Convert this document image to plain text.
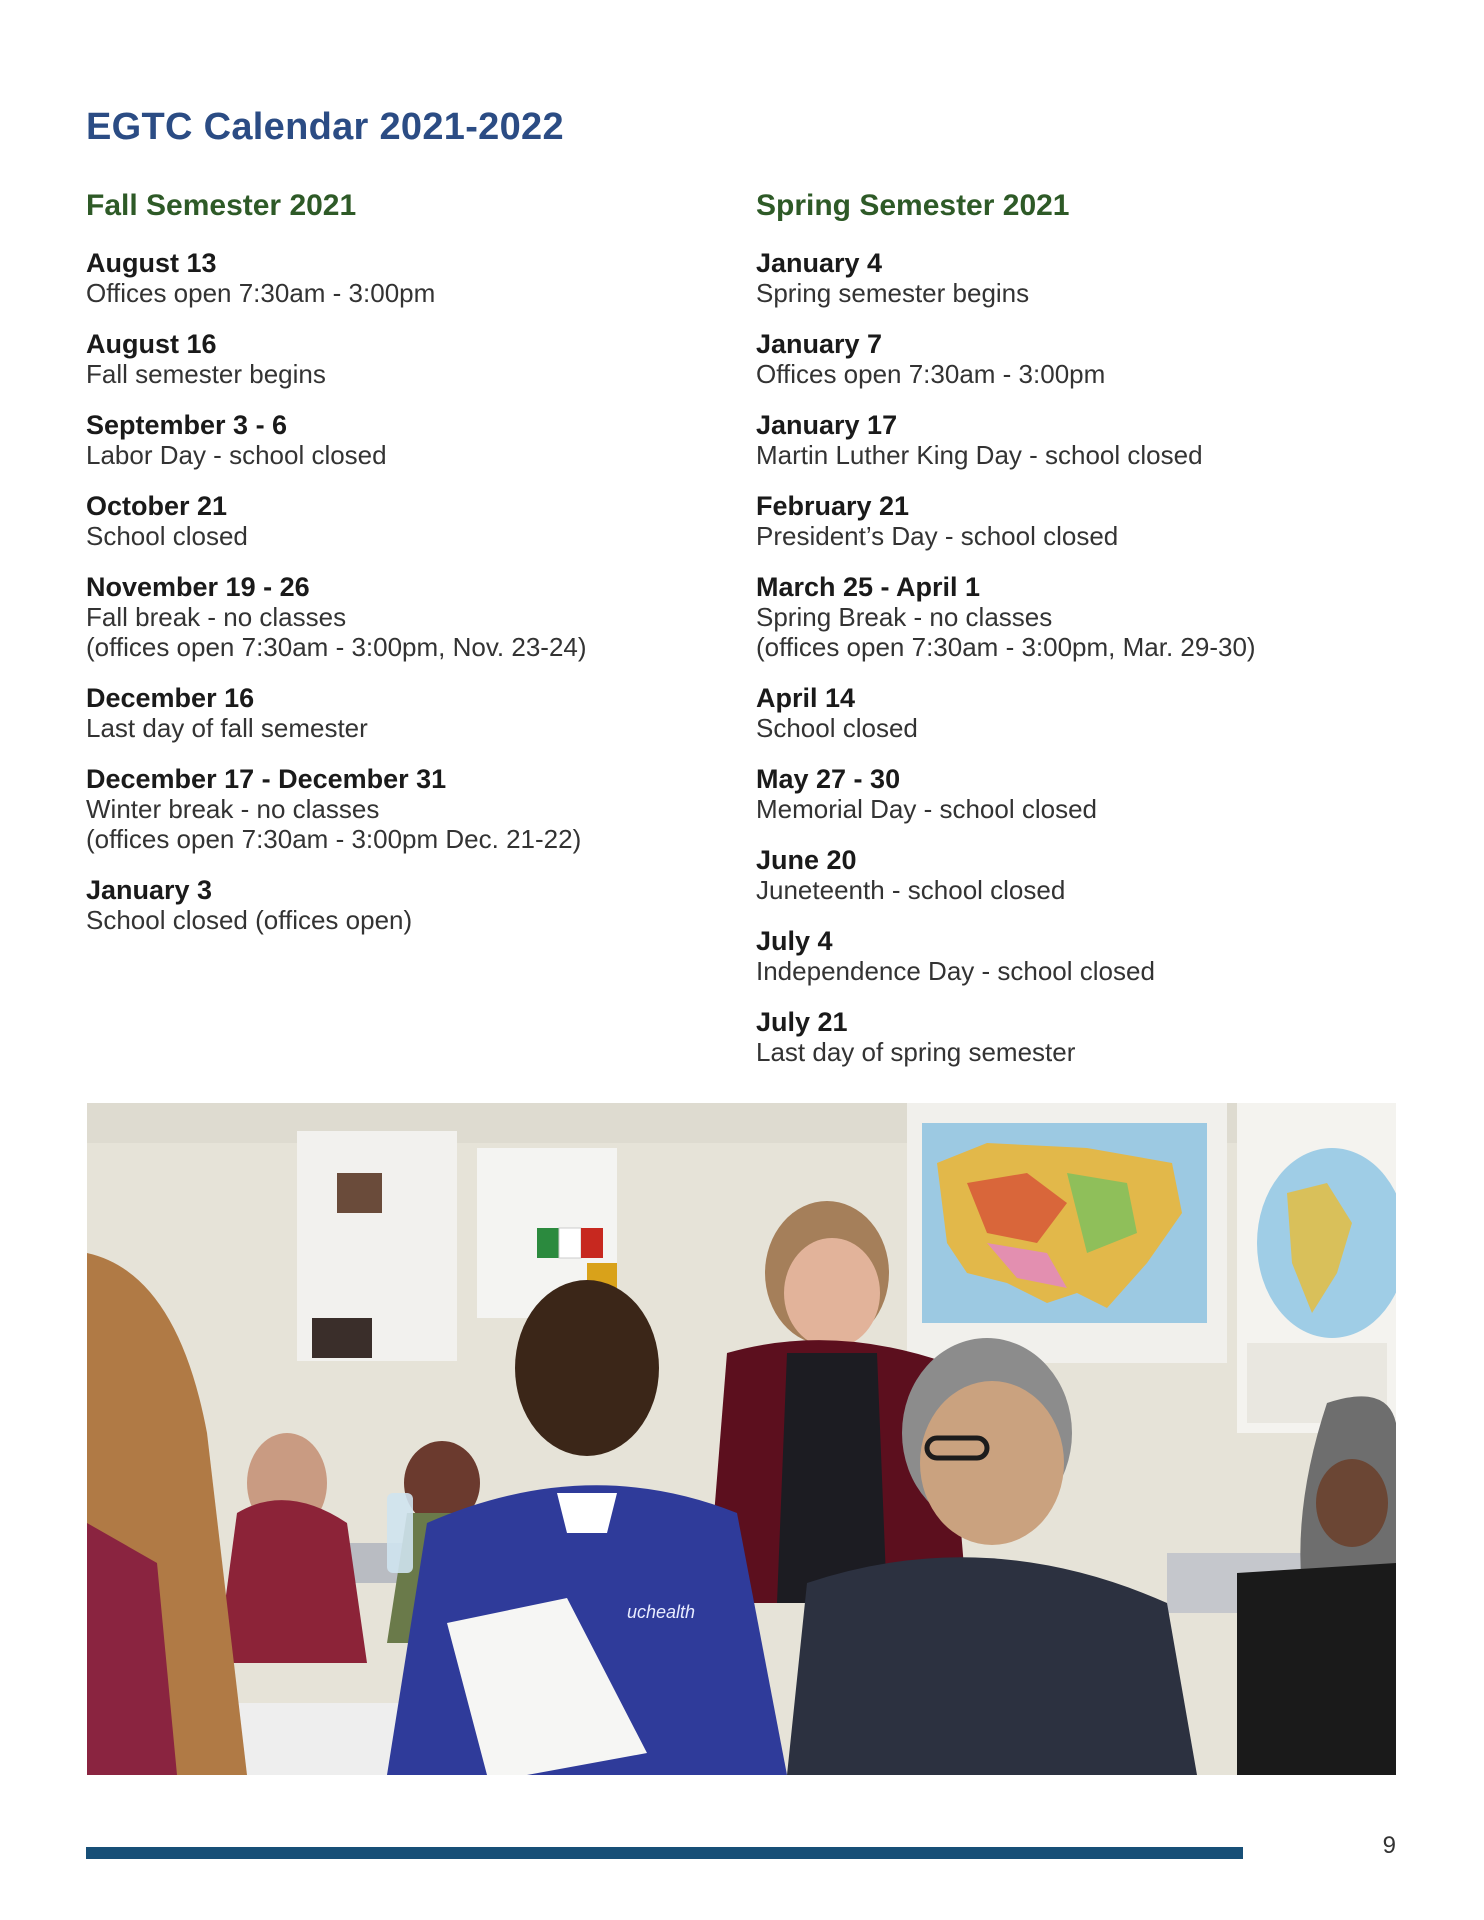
EGTC Calendar 2021-2022
Fall Semester 2021
August 13
Offices open 7:30am - 3:00pm
August 16
Fall semester begins
September 3 - 6
Labor Day - school closed
October 21
School closed
November 19 - 26
Fall break - no classes
(offices open 7:30am - 3:00pm, Nov. 23-24)
December 16
Last day of fall semester
December 17 - December 31
Winter break - no classes
(offices open 7:30am - 3:00pm Dec. 21-22)
January 3
School closed (offices open)
Spring Semester 2021
January 4
Spring semester begins
January 7
Offices open 7:30am - 3:00pm
January 17
Martin Luther King Day - school closed
February 21
President’s Day - school closed
March 25 - April 1
Spring Break - no classes
(offices open 7:30am - 3:00pm, Mar. 29-30)
April 14
School closed
May 27 - 30
Memorial Day - school closed
June 20
Juneteenth - school closed
July 4
Independence Day - school closed
July 21
Last day of spring semester
uchealth
9
